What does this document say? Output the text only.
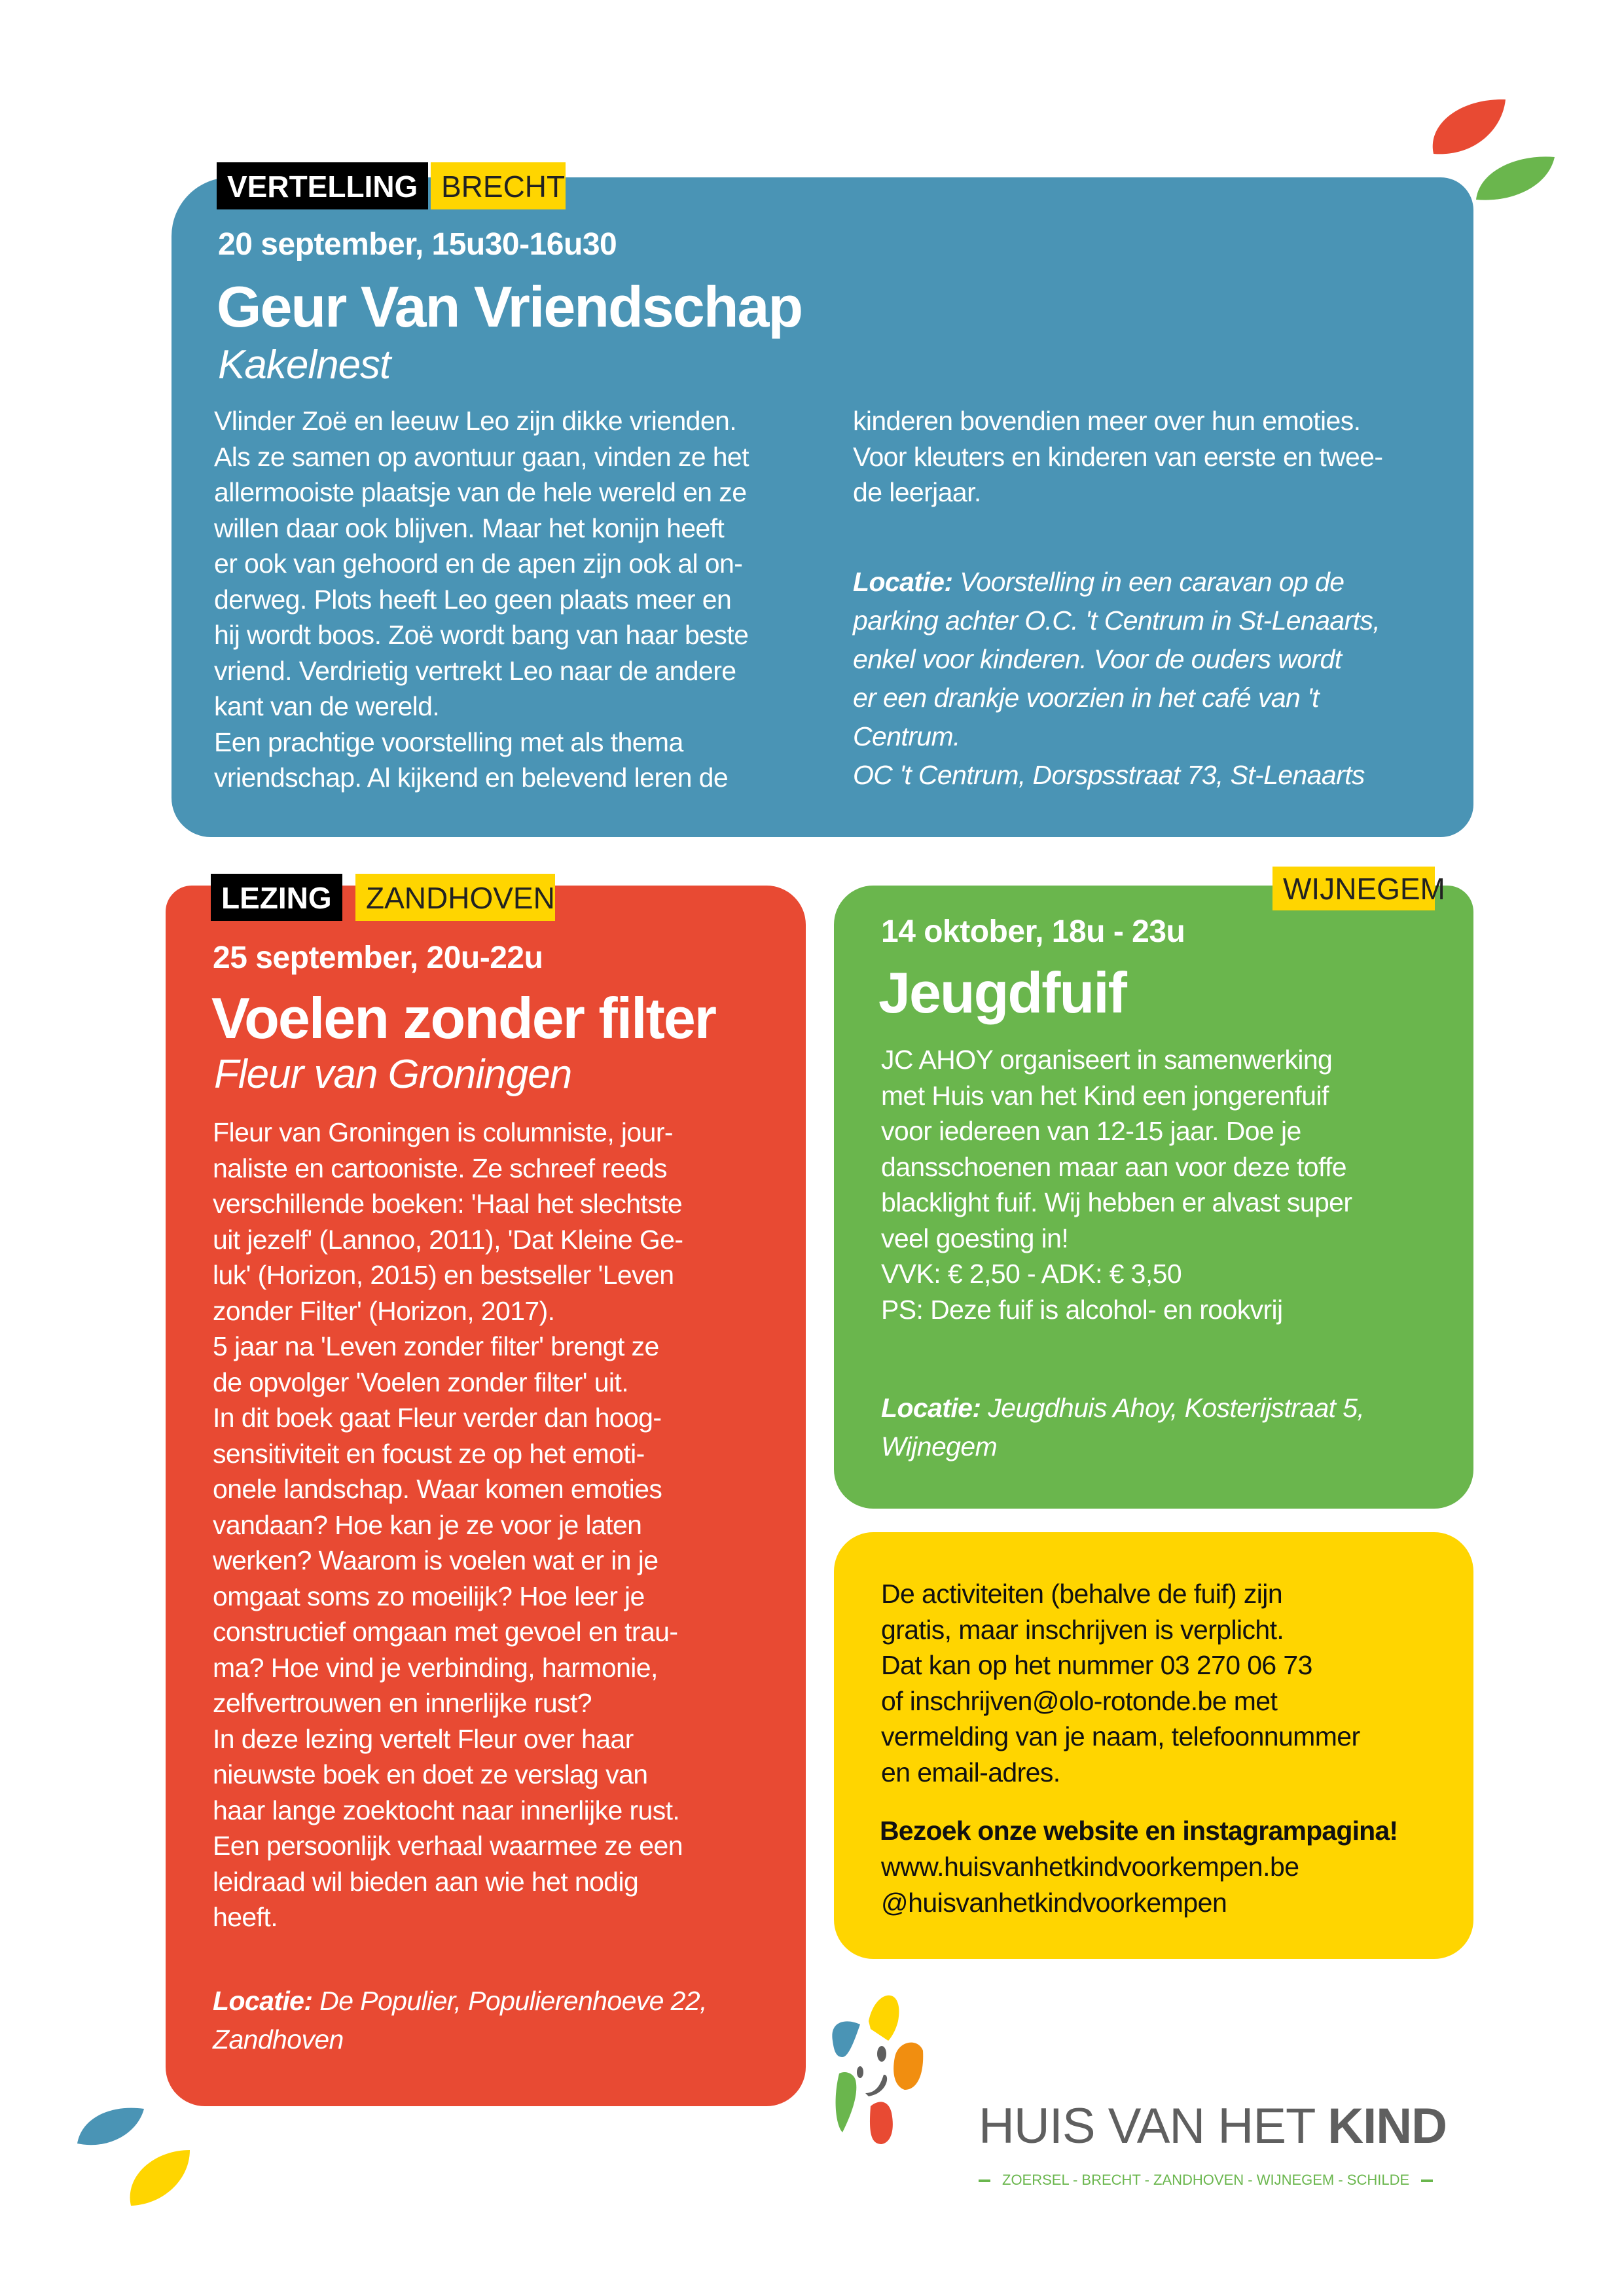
VERTELLING BRECHT
20 september, 15u30-16u30
Geur Van Vriendschap
Kakelnest
Vlinder Zoë en leeuw Leo zijn dikke vrienden.
Als ze samen op avontuur gaan, vinden ze het
allermooiste plaatsje van de hele wereld en ze
willen daar ook blijven. Maar het konijn heeft
er ook van gehoord en de apen zijn ook al on-
derweg. Plots heeft Leo geen plaats meer en
hij wordt boos. Zoë wordt bang van haar beste
vriend. Verdrietig vertrekt Leo naar de andere
kant van de wereld.
Een prachtige voorstelling met als thema
vriendschap. Al kijkend en belevend leren de
kinderen bovendien meer over hun emoties.
Voor kleuters en kinderen van eerste en twee-
de leerjaar.
Locatie: Voorstelling in een caravan op de
parking achter O.C. 't Centrum in St-Lenaarts,
enkel voor kinderen. Voor de ouders wordt
er een drankje voorzien in het café van 't
Centrum.
OC 't Centrum, Dorspsstraat 73, St-Lenaarts
LEZING	ZANDHOVEN
25 september, 20u-22u
Voelen zonder filter
Fleur van Groningen
Fleur van Groningen is columniste, jour-
naliste en cartooniste. Ze schreef reeds
verschillende boeken: 'Haal het slechtste
uit jezelf' (Lannoo, 2011), 'Dat Kleine Ge-
luk' (Horizon, 2015) en bestseller 'Leven
zonder Filter' (Horizon, 2017).
5 jaar na 'Leven zonder filter' brengt ze
de opvolger 'Voelen zonder filter' uit.
In dit boek gaat Fleur verder dan hoog-
sensitiviteit en focust ze op het emoti-
onele landschap. Waar komen emoties
vandaan? Hoe kan je ze voor je laten
werken? Waarom is voelen wat er in je
omgaat soms zo moeilijk? Hoe leer je
constructief omgaan met gevoel en trau-
ma? Hoe vind je verbinding, harmonie,
zelfvertrouwen en innerlijke rust?
In deze lezing vertelt Fleur over haar
nieuwste boek en doet ze verslag van
haar lange zoektocht naar innerlijke rust.
Een persoonlijk verhaal waarmee ze een
leidraad wil bieden aan wie het nodig
heeft.
Locatie: De Populier, Populierenhoeve 22,
Zandhoven
WIJNEGEM
14 oktober, 18u - 23u
Jeugdfuif
JC AHOY organiseert in samenwerking
met Huis van het Kind een jongerenfuif
voor iedereen van 12-15 jaar. Doe je
dansschoenen maar aan voor deze toffe
blacklight fuif. Wij hebben er alvast super
veel goesting in!
VVK: € 2,50 - ADK: € 3,50
PS: Deze fuif is alcohol- en rookvrij
Locatie: Jeugdhuis Ahoy, Kosterijstraat 5,
Wijnegem
De activiteiten (behalve de fuif) zijn
gratis, maar inschrijven is verplicht.
Dat kan op het nummer 03 270 06 73
of inschrijven@olo-rotonde.be met
vermelding van je naam, telefoonnummer
en email-adres.
Bezoek onze website en instagrampagina!
www.huisvanhetkindvoorkempen.be
@huisvanhetkindvoorkempen
HUIS VAN HET KIND
ZOERSEL - BRECHT - ZANDHOVEN - WIJNEGEM - SCHILDE
